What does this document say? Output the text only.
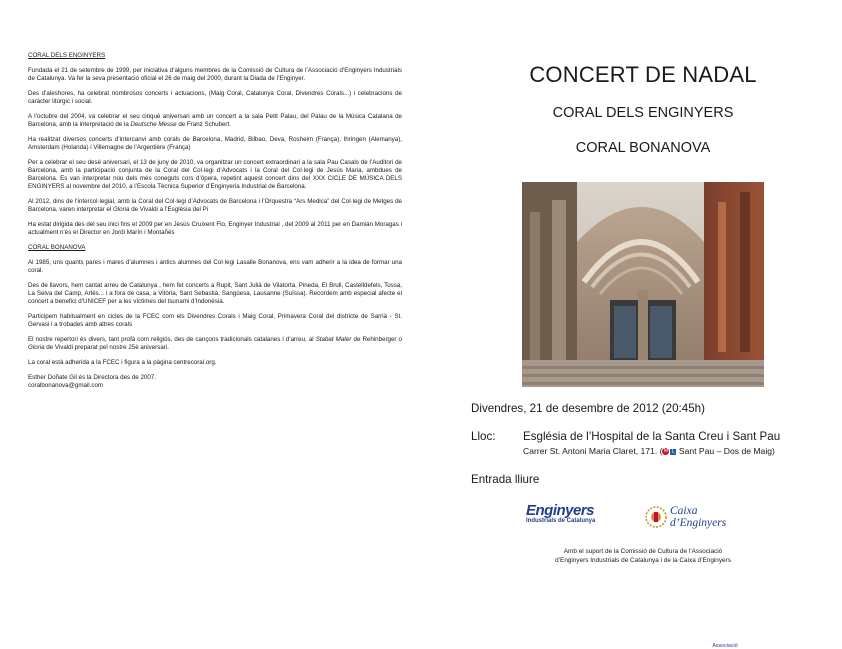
CORAL DELS ENGINYERS

Fundada el 21 de setembre de 1999, per iniciativa d’alguns membres de la Comissió de Cultura de l’Associació d’Enginyers Industrials de Catalunya. Va fer la seva presentació oficial el 26 de maig del 2000, durant la Diada de l’Enginyer.

Des d’aleshores, ha celebrat nombrosos concerts i actuacions, (Maig Coral, Catalunya Coral, Divendres Corals...) i celebracions de caràcter litúrgic i social.

A l’octubre del 2004, va celebrar el seu cinquè aniversari amb un concert a la sala Petit Palau, del Palau de la Música Catalana de Barcelona, amb la interpretació de la Deutsche Messe de Franz Schubert.

Ha realitzat diversos concerts d’intercanvi amb corals de Barcelona, Madrid, Bilbao, Deva, Rosheim (França), Ihringen (Alemanya), Amsterdam (Holanda) i Villemagne de l’Argentière (França)

Per a celebrar el seu desè aniversari, el 13 de juny de 2010, va organitzar un concert extraordinari a la sala Pau Casals de l’Auditori de Barcelona, amb la participació conjunta de la Coral del Col·legi d’Advocats i la Coral del Col·legi de Jesús Maria, ambdues de Barcelona. Es van interpretar nou dels més coneguts cors d’òpera, repetint aquest concert dins del XXX CICLE DE MÚSICA DELS ENGINYERS al novembre del 2010, a l’Escola Tècnica Superior d’Enginyeria Industrial de Barcelona.

Al 2012, dins de l’intercol·legial, amb la Coral del Col·legi d’Advocats de Barcelona i l’Orquestra “Ars Medica” del Col·legi de Metges de Barcelona, varen interpretar el Gloria de Vivaldi a l’Església del Pi

Ha estat dirigida des del seu inici fins el 2009 per en Jesús Cruixent Flo, Enginyer Industrial , del 2009 al 2011 per en Damián Moragas i actualment n’és el Director en Jordi Marín i Montañés

CORAL BONANOVA

Al 1985, uns quants pares i mares d’alumnes i antics alumnes del Col·legi Lasalle Bonanova, ens vam adherir a la idea de formar una coral.

Des de llavors, hem cantat arreu de Catalunya , hem fet concerts a Rupit, Sant Julià de Vilatorta, Pineda, El Brull, Castelldefels, Tossa, La Selva del Camp, Artés... i a fora de casa, a Vitòria, Sant Sebastià, Sangüesa, Lausanne (Suïssa). Recordem amb especial afecte el concert a benefici d’UNICEF per a les víctimes del tsunami d’Indonèsia.

Participem habitualment en cicles de la FCEC com els Divendres Corals i Maig Coral, Primavera Coral del districte de Sarrià - St. Gervasi i a trobades amb altres corals

El nostre repertori és divers, tant profà com religiós, des de cançons tradicionals catalanes i d’arreu, al Stabat Mater de Rehinberger o Gloria de Vivaldi preparat pel nostre 25è aniversari.

La coral està adherida a la FCEC i figura a la pàgina centrecoral.org.

Esther Doñate Gil és la Directora des de 2007.

coralbonanova@gmail.com

CONCERT DE NADAL
CORAL DELS ENGINYERS
CORAL BONANOVA
Divendres, 21 de desembre de 2012 (20:45h)
Lloc: Església de l’Hospital de la Santa Creu i Sant Pau
Carrer St. Antoni Maria Claret, 171. (M L Sant Pau – Dos de Maig)
Entrada lliure
Enginyers
Industrials de Catalunya
Associació
Caixa
d’Enginyers
Amb el suport de la Comissió de Cultura de l’Associació
d’Enginyers Industrials de Catalunya i de la Caixa d’Enginyers
